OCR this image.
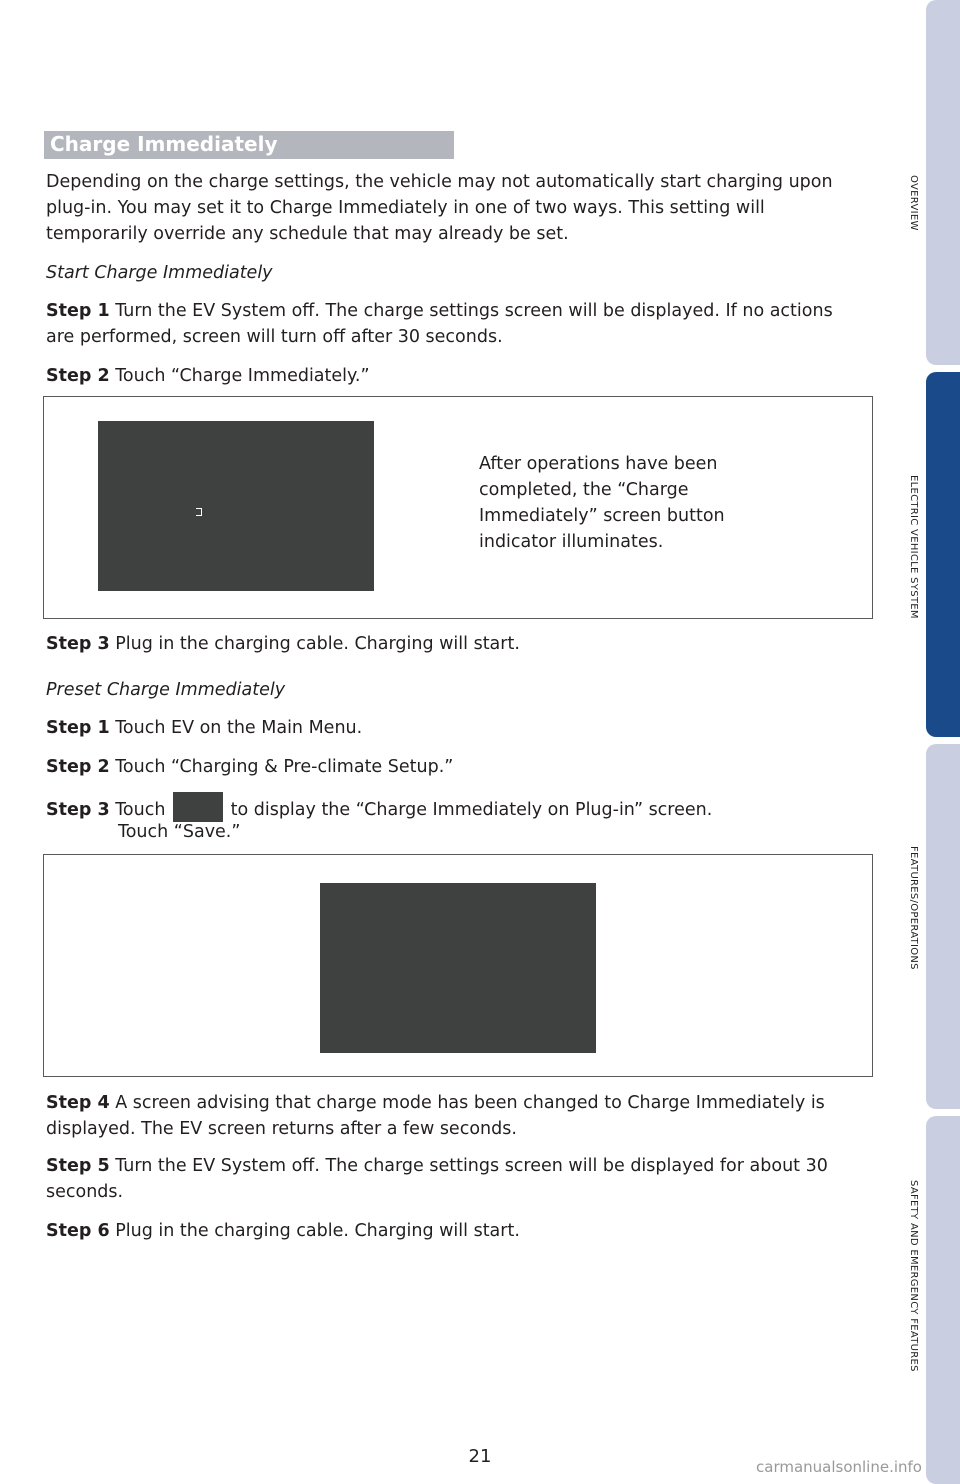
Charge Immediately
Depending on the charge settings, the vehicle may not automatically start charging upon plug-in. You may set it to Charge Immediately in one of two ways. This setting will temporarily override any schedule that may already be set.
Start Charge Immediately
Step 1 Turn the EV System off. The charge settings screen will be displayed. If no actions are performed, screen will turn off after 30 seconds.
Step 2 Touch “Charge Immediately.”
After operations have been completed, the “Charge Immediately” screen button indicator illuminates.
Step 3 Plug in the charging cable. Charging will start.
Preset Charge Immediately
Step 1 Touch EV on the Main Menu.
Step 2 Touch “Charging & Pre-climate Setup.”
Step 3 Touch	to display the “Charge Immediately on Plug-in” screen.
Touch “Save.”
Step 4 A screen advising that charge mode has been changed to Charge Immediately is displayed. The EV screen returns after a few seconds.
Step 5 Turn the EV System off. The charge settings screen will be displayed for about 30 seconds.
Step 6 Plug in the charging cable. Charging will start.
OVERVIEW
ELECTRIC VEHICLE SYSTEM
FEATURES/OPERATIONS
SAFETY AND EMERGENCY FEATURES
21	carmanualsonline.info
